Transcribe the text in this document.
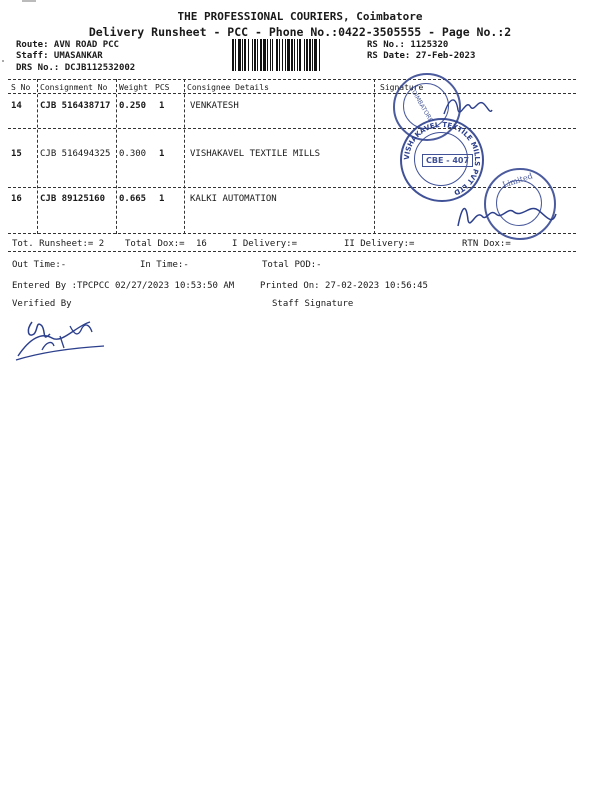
THE PROFESSIONAL COURIERS, Coimbatore
Delivery Runsheet - PCC - Phone No.:0422-3505555 - Page No.:2
Route: AVN ROAD PCC
Staff: UMASANKAR
DRS No.: DCJB112532002
RS No.: 1125320
RS Date: 27-Feb-2023
S No Consignment No Weight PCS Consignee Details	Signature
14 CJB 516438717 0.250 1	VENKATESH
15 CJB 516494325 0.300 1	VISHAKAVEL TEXTILE MILLS
16 CJB 89125160 0.665 1	KALKI AUTOMATION
Tot. Runsheet:= 2 Total Dox:= 16	I Delivery:=	II Delivery:=	RTN Dox:=
Out Time:-	In Time:-	Total POD:-
Entered By :TPCPCC 02/27/2023 10:53:50 AM	Printed On: 27-02-2023 10:56:45
Verified By	Staff Signature
COIMBATORE
CBE - 407
VISHAKAVEL TEXTILE MILLS PVT LTD
Limited
